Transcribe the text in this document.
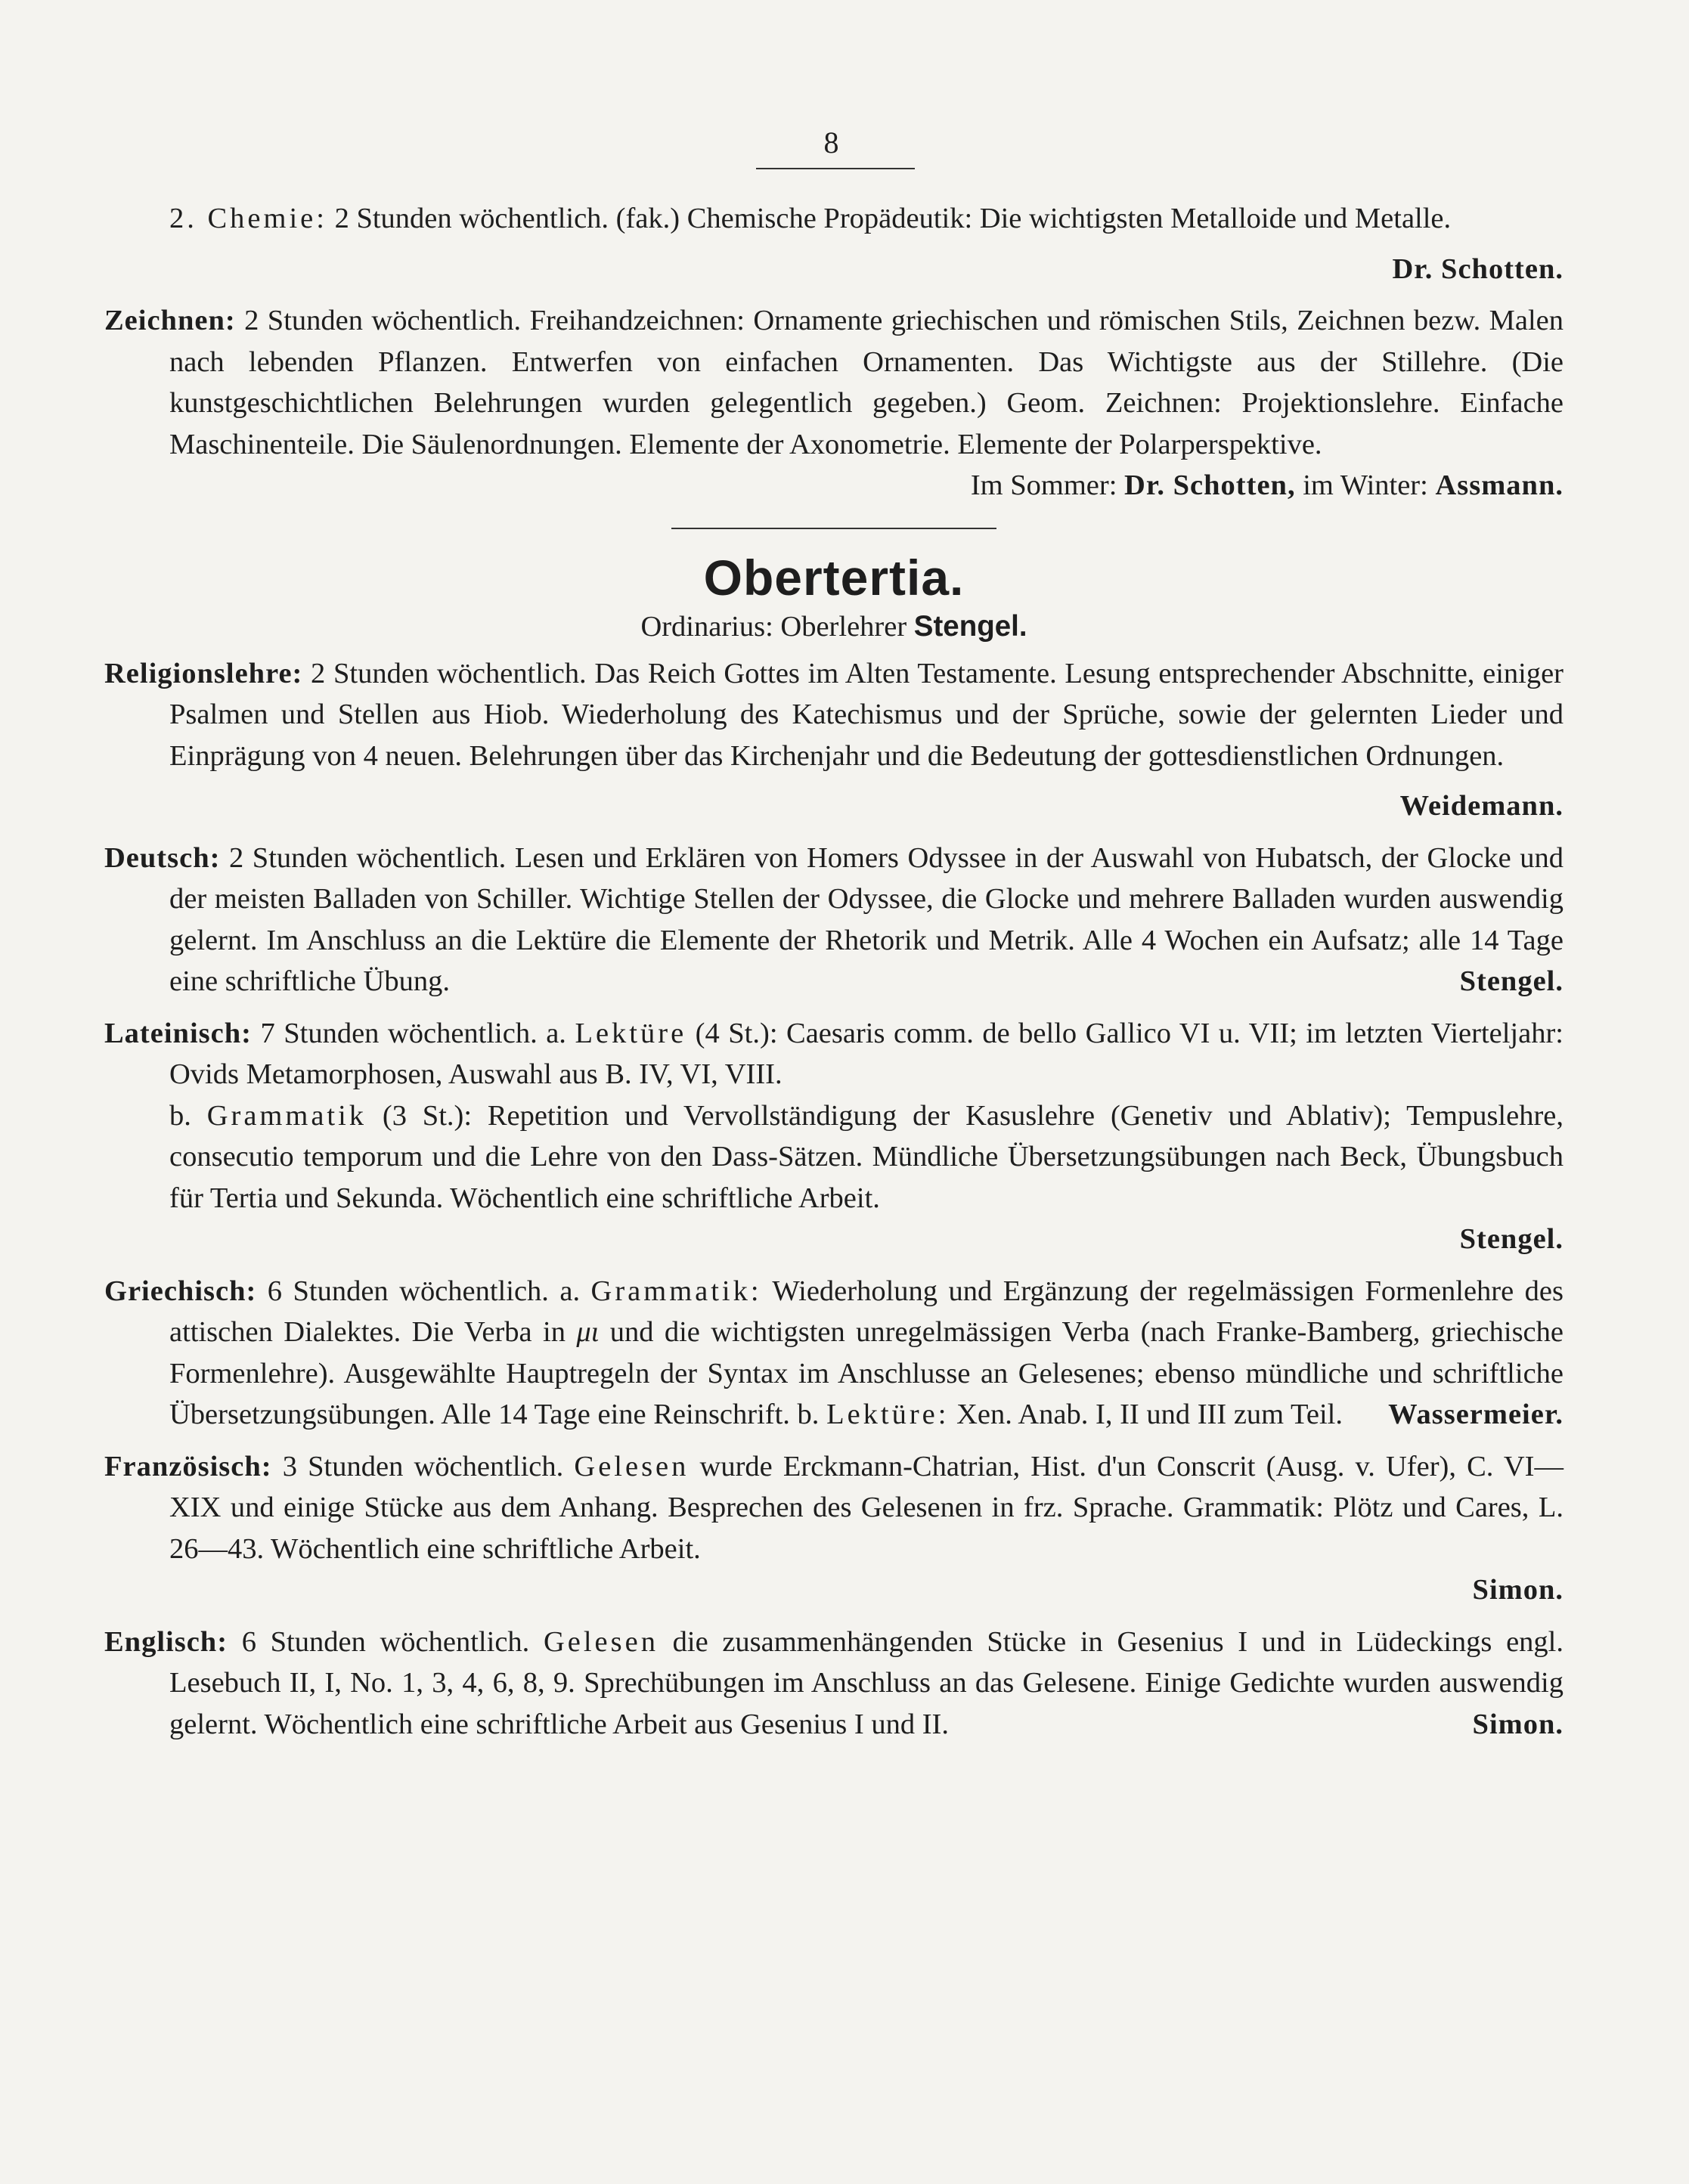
8

2. Chemie: 2 Stunden wöchentlich. (fak.) Chemische Propädeutik: Die wichtigsten Metalloide und Metalle.
Dr. Schotten.

Zeichnen: 2 Stunden wöchentlich. Freihandzeichnen: Ornamente griechischen und römischen Stils, Zeichnen bezw. Malen nach lebenden Pflanzen. Entwerfen von einfachen Ornamenten. Das Wichtigste aus der Stillehre. (Die kunstgeschichtlichen Belehrungen wurden gelegentlich gegeben.) Geom. Zeichnen: Projektionslehre. Einfache Maschinenteile. Die Säulenordnungen. Elemente der Axonometrie. Elemente der Polarperspektive.

Im Sommer: Dr. Schotten, im Winter: Assmann.

Obertertia.
Ordinarius: Oberlehrer Stengel.

Religionslehre: 2 Stunden wöchentlich. Das Reich Gottes im Alten Testamente. Lesung entsprechender Abschnitte, einiger Psalmen und Stellen aus Hiob. Wiederholung des Katechismus und der Sprüche, sowie der gelernten Lieder und Einprägung von 4 neuen. Belehrungen über das Kirchenjahr und die Bedeutung der gottesdienstlichen Ordnungen.
Weidemann.

Deutsch: 2 Stunden wöchentlich. Lesen und Erklären von Homers Odyssee in der Auswahl von Hubatsch, der Glocke und der meisten Balladen von Schiller. Wichtige Stellen der Odyssee, die Glocke und mehrere Balladen wurden auswendig gelernt. Im Anschluss an die Lektüre die Elemente der Rhetorik und Metrik. Alle 4 Wochen ein Aufsatz; alle 14 Tage eine schriftliche Übung.	Stengel.

Lateinisch: 7 Stunden wöchentlich. a. Lektüre (4 St.): Caesaris comm. de bello Gallico VI u. VII; im letzten Vierteljahr: Ovids Metamorphosen, Auswahl aus B. IV, VI, VIII.

b. Grammatik (3 St.): Repetition und Vervollständigung der Kasuslehre (Genetiv und Ablativ); Tempuslehre, consecutio temporum und die Lehre von den Dass-Sätzen. Mündliche Übersetzungsübungen nach Beck, Übungsbuch für Tertia und Sekunda. Wöchentlich eine schriftliche Arbeit.

Stengel.

Griechisch: 6 Stunden wöchentlich. a. Grammatik: Wiederholung und Ergänzung der regelmässigen Formenlehre des attischen Dialektes. Die Verba in μι und die wichtigsten unregelmässigen Verba (nach Franke-Bamberg, griechische Formenlehre). Ausgewählte Hauptregeln der Syntax im Anschlusse an Gelesenes; ebenso mündliche und schriftliche Übersetzungsübungen. Alle 14 Tage eine Reinschrift. b. Lektüre: Xen. Anab. I, II und III zum Teil. Wassermeier.

Französisch: 3 Stunden wöchentlich. Gelesen wurde Erckmann-Chatrian, Hist. d'un Conscrit (Ausg. v. Ufer), C. VI—XIX und einige Stücke aus dem Anhang. Besprechen des Gelesenen in frz. Sprache. Grammatik: Plötz und Cares, L. 26—43. Wöchentlich eine schriftliche Arbeit.

Simon.

Englisch: 6 Stunden wöchentlich. Gelesen die zusammenhängenden Stücke in Gesenius I und in Lüdeckings engl. Lesebuch II, I, No. 1, 3, 4, 6, 8, 9. Sprechübungen im Anschluss an das Gelesene. Einige Gedichte wurden auswendig gelernt. Wöchentlich eine schriftliche Arbeit aus Gesenius I und II.	Simon.
